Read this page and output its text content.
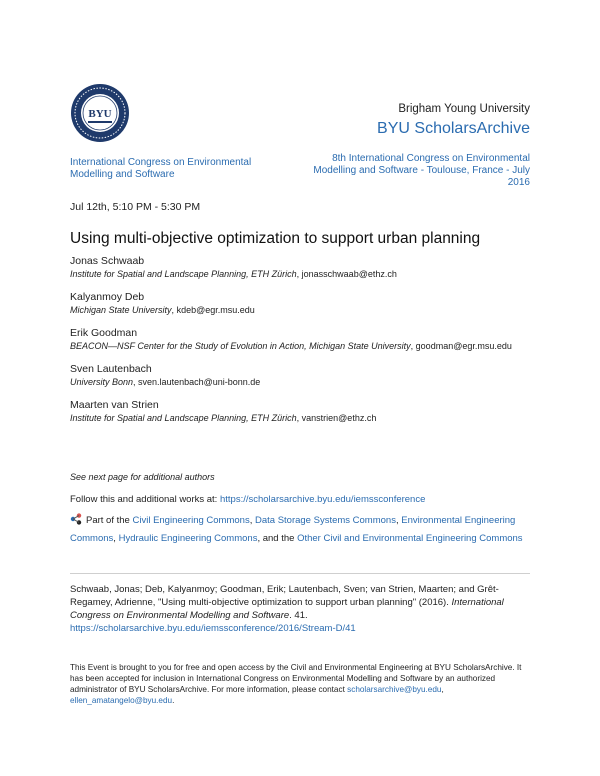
BYU	Brigham Young University
BYU ScholarsArchive
International Congress on Environmental Modelling and Software
8th International Congress on Environmental Modelling and Software - Toulouse, France - July 2016
Jul 12th, 5:10 PM - 5:30 PM
Using multi-objective optimization to support urban planning
Jonas Schwaab
Institute for Spatial and Landscape Planning, ETH Zürich, jonasschwaab@ethz.ch
Kalyanmoy Deb
Michigan State University, kdeb@egr.msu.edu
Erik Goodman
BEACON—NSF Center for the Study of Evolution in Action, Michigan State University, goodman@egr.msu.edu
Sven Lautenbach
University Bonn, sven.lautenbach@uni-bonn.de
Maarten van Strien
Institute for Spatial and Landscape Planning, ETH Zürich, vanstrien@ethz.ch
See next page for additional authors
Follow this and additional works at: https://scholarsarchive.byu.edu/iemssconference
Part of the Civil Engineering Commons, Data Storage Systems Commons, Environmental Engineering Commons, Hydraulic Engineering Commons, and the Other Civil and Environmental Engineering Commons
Schwaab, Jonas; Deb, Kalyanmoy; Goodman, Erik; Lautenbach, Sven; van Strien, Maarten; and Grêt-Regamey, Adrienne, "Using multi-objective optimization to support urban planning" (2016). International Congress on Environmental Modelling and Software. 41.
https://scholarsarchive.byu.edu/iemssconference/2016/Stream-D/41
This Event is brought to you for free and open access by the Civil and Environmental Engineering at BYU ScholarsArchive. It has been accepted for inclusion in International Congress on Environmental Modelling and Software by an authorized administrator of BYU ScholarsArchive. For more information, please contact scholarsarchive@byu.edu, ellen_amatangelo@byu.edu.
